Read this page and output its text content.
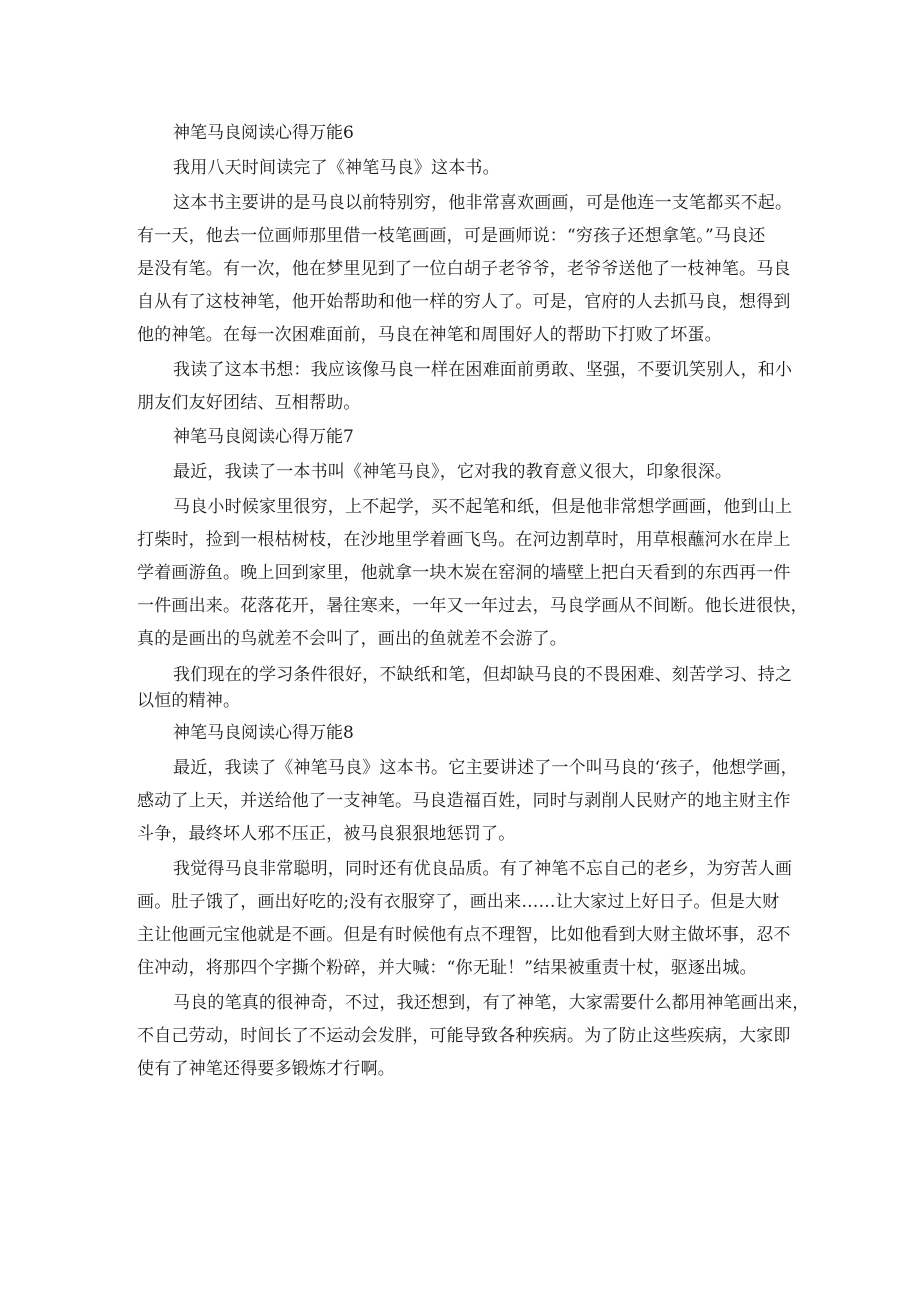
神笔马良阅读心得万能6

我用八天时间读完了《神笔马良》这本书。

这本书主要讲的是马良以前特别穷，他非常喜欢画画，可是他连一支笔都买不起。
有一天，他去一位画师那里借一枝笔画画，可是画师说：“穷孩子还想拿笔。”马良还
是没有笔。有一次，他在梦里见到了一位白胡子老爷爷，老爷爷送他了一枝神笔。马良
自从有了这枝神笔，他开始帮助和他一样的穷人了。可是，官府的人去抓马良，想得到
他的神笔。在每一次困难面前，马良在神笔和周围好人的帮助下打败了坏蛋。

我读了这本书想：我应该像马良一样在困难面前勇敢、坚强，不要讥笑别人，和小
朋友们友好团结、互相帮助。

神笔马良阅读心得万能7

最近，我读了一本书叫《神笔马良》，它对我的教育意义很大，印象很深。

马良小时候家里很穷，上不起学，买不起笔和纸，但是他非常想学画画，他到山上
打柴时，捡到一根枯树枝，在沙地里学着画飞鸟。在河边割草时，用草根蘸河水在岸上
学着画游鱼。晚上回到家里，他就拿一块木炭在窑洞的墙壁上把白天看到的东西再一件
一件画出来。花落花开，暑往寒来，一年又一年过去，马良学画从不间断。他长进很快，
真的是画出的鸟就差不会叫了，画出的鱼就差不会游了。

我们现在的学习条件很好，不缺纸和笔，但却缺马良的不畏困难、刻苦学习、持之
以恒的精神。

神笔马良阅读心得万能8

最近，我读了《神笔马良》这本书。它主要讲述了一个叫马良的‘孩子，他想学画，
感动了上天，并送给他了一支神笔。马良造福百姓，同时与剥削人民财产的地主财主作
斗争，最终坏人邪不压正，被马良狠狠地惩罚了。

我觉得马良非常聪明，同时还有优良品质。有了神笔不忘自己的老乡，为穷苦人画
画。肚子饿了，画出好吃的;没有衣服穿了，画出来……让大家过上好日子。但是大财
主让他画元宝他就是不画。但是有时候他有点不理智，比如他看到大财主做坏事，忍不
住冲动，将那四个字撕个粉碎，并大喊：“你无耻！”结果被重责十杖，驱逐出城。

马良的笔真的很神奇，不过，我还想到，有了神笔，大家需要什么都用神笔画出来，
不自己劳动，时间长了不运动会发胖，可能导致各种疾病。为了防止这些疾病，大家即
使有了神笔还得要多锻炼才行啊。
